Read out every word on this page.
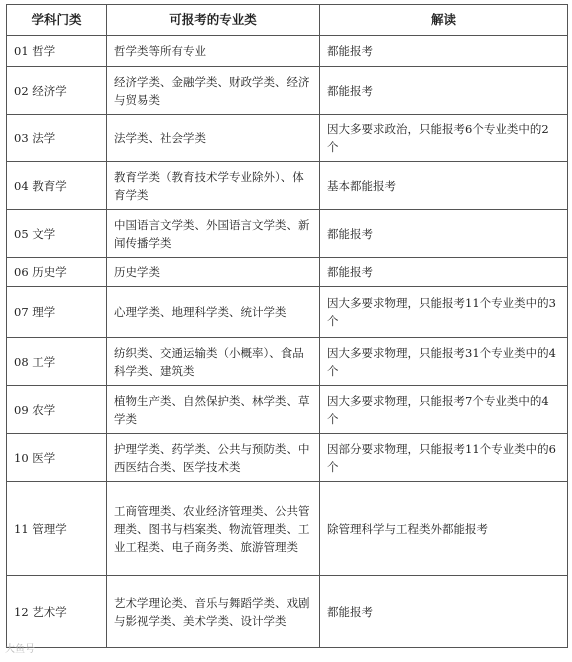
学科门类	可报考的专业类	解读
01 哲学	哲学类等所有专业	都能报考
02 经济学	经济学类、金融学类、财政学类、经济与贸易类	都能报考
03 法学	法学类、社会学类	因大多要求政治，只能报考6个专业类中的2个
04 教育学	教育学类（教育技术学专业除外）、体育学类	基本都能报考
05 文学	中国语言文学类、外国语言文学类、新闻传播学类	都能报考
06 历史学	历史学类	都能报考
07 理学	心理学类、地理科学类、统计学类	因大多要求物理，只能报考11个专业类中的3个
08 工学	纺织类、交通运输类（小概率）、食品科学类、建筑类	因大多要求物理，只能报考31个专业类中的4个
09 农学	植物生产类、自然保护类、林学类、草学类	因大多要求物理，只能报考7个专业类中的4个
10 医学	护理学类、药学类、公共与预防类、中西医结合类、医学技术类	因部分要求物理，只能报考11个专业类中的6个
11 管理学	工商管理类、农业经济管理类、公共管理类、图书与档案类、物流管理类、工业工程类、电子商务类、旅游管理类	除管理科学与工程类外都能报考
12 艺术学	艺术学理论类、音乐与舞蹈学类、戏剧与影视学类、美术学类、设计学类	都能报考
大鱼号
